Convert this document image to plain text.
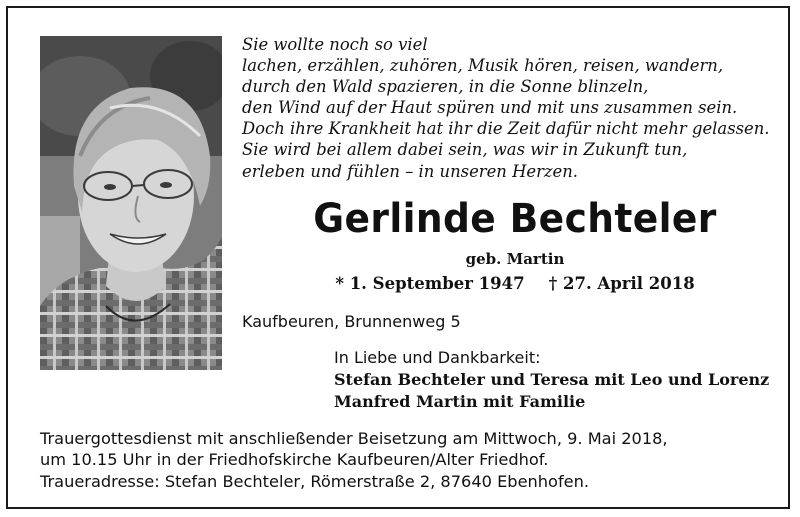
Sie wollte noch so viel
lachen, erzählen, zuhören, Musik hören, reisen, wandern,
durch den Wald spazieren, in die Sonne blinzeln,
den Wind auf der Haut spüren und mit uns zusammen sein.
Doch ihre Krankheit hat ihr die Zeit dafür nicht mehr gelassen.
Sie wird bei allem dabei sein, was wir in Zukunft tun,
erleben und fühlen – in unseren Herzen.
Gerlinde Bechteler
geb. Martin
* 1. September 1947 † 27. April 2018
Kaufbeuren, Brunnenweg 5
In Liebe und Dankbarkeit:
Stefan Bechteler und Teresa mit Leo und Lorenz
Manfred Martin mit Familie
Trauergottesdienst mit anschließender Beisetzung am Mittwoch, 9. Mai 2018,
um 10.15 Uhr in der Friedhofskirche Kaufbeuren/Alter Friedhof.
Traueradresse: Stefan Bechteler, Römerstraße 2, 87640 Ebenhofen.
